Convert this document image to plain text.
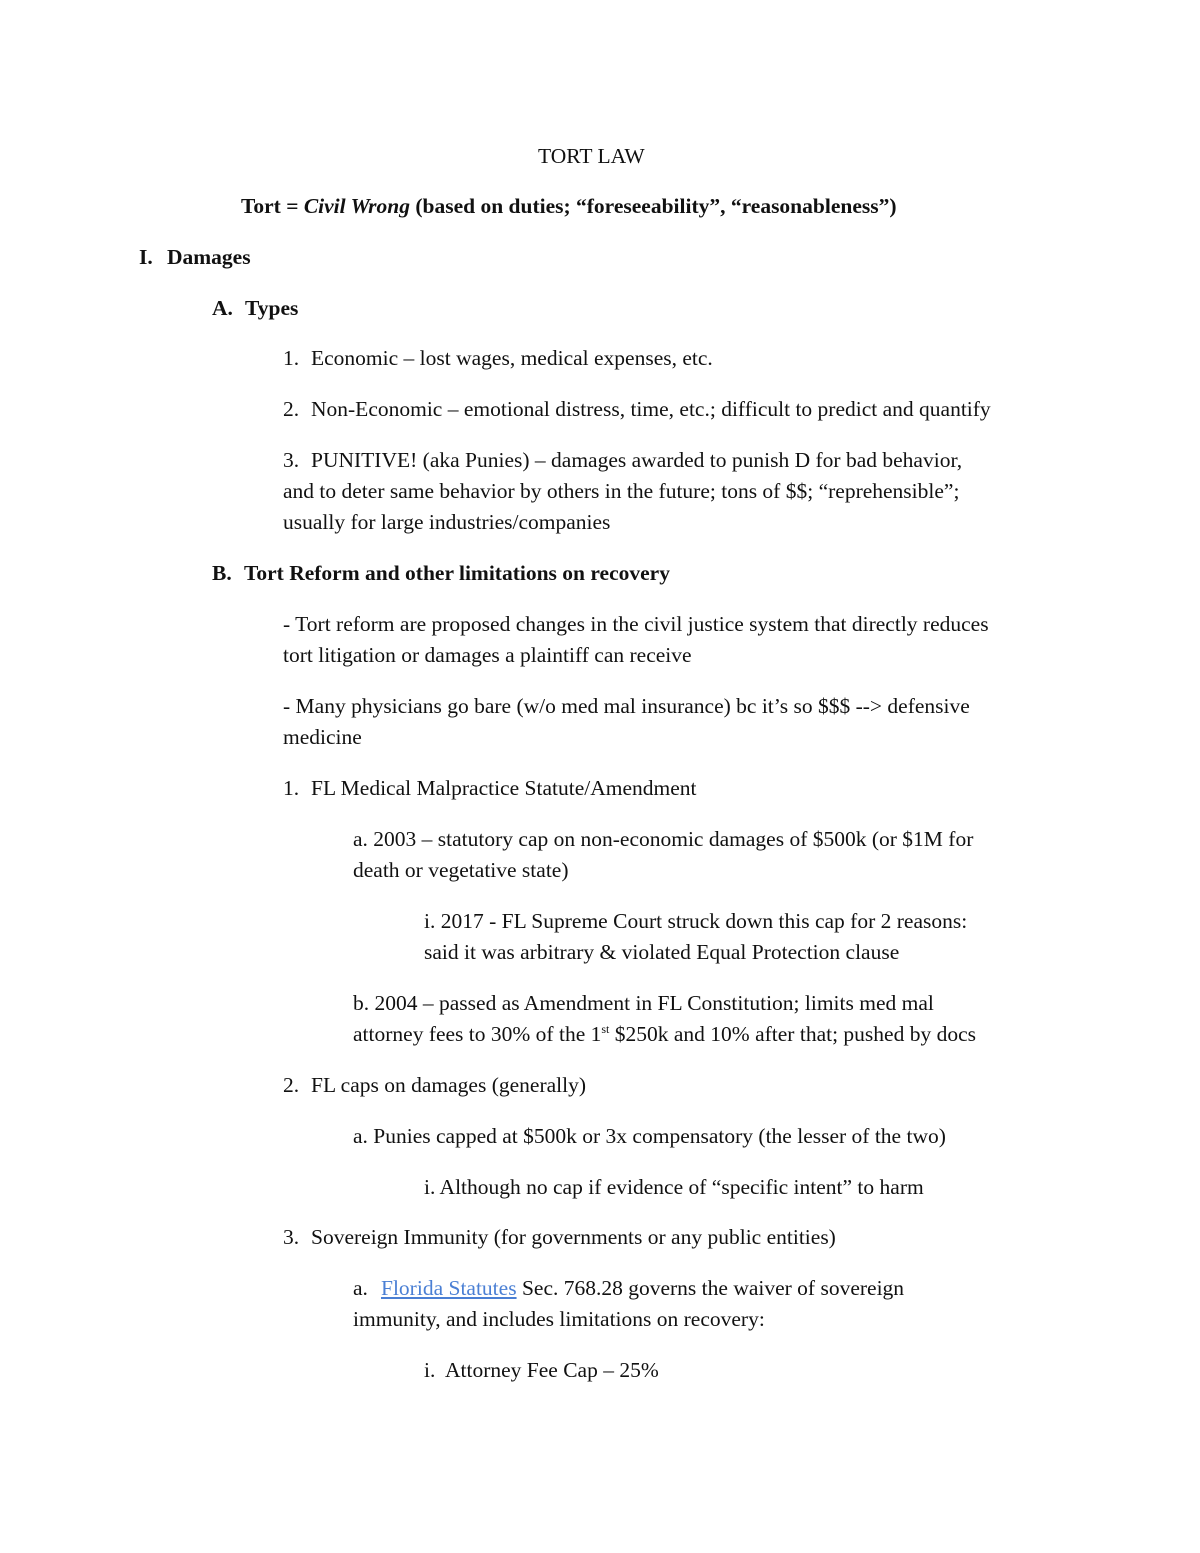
TORT LAW

Tort = Civil Wrong (based on duties; “foreseeability”, “reasonableness”)

I. Damages

A. Types

1. Economic – lost wages, medical expenses, etc.

2. Non-Economic – emotional distress, time, etc.; difficult to predict and quantify

3. PUNITIVE! (aka Punies) – damages awarded to punish D for bad behavior,

and to deter same behavior by others in the future; tons of $$; “reprehensible”;

usually for large industries/companies

B. Tort Reform and other limitations on recovery

- Tort reform are proposed changes in the civil justice system that directly reduces

tort litigation or damages a plaintiff can receive

- Many physicians go bare (w/o med mal insurance) bc it’s so $$$ --> defensive

medicine

1. FL Medical Malpractice Statute/Amendment

a. 2003 – statutory cap on non-economic damages of $500k (or $1M for

death or vegetative state)

i. 2017 - FL Supreme Court struck down this cap for 2 reasons:

said it was arbitrary & violated Equal Protection clause

b. 2004 – passed as Amendment in FL Constitution; limits med mal

attorney fees to 30% of the 1st $250k and 10% after that; pushed by docs

2. FL caps on damages (generally)

a. Punies capped at $500k or 3x compensatory (the lesser of the two)

i. Although no cap if evidence of “specific intent” to harm

3. Sovereign Immunity (for governments or any public entities)

a. Florida Statutes Sec. 768.28 governs the waiver of sovereign

immunity, and includes limitations on recovery:

i. Attorney Fee Cap – 25%
